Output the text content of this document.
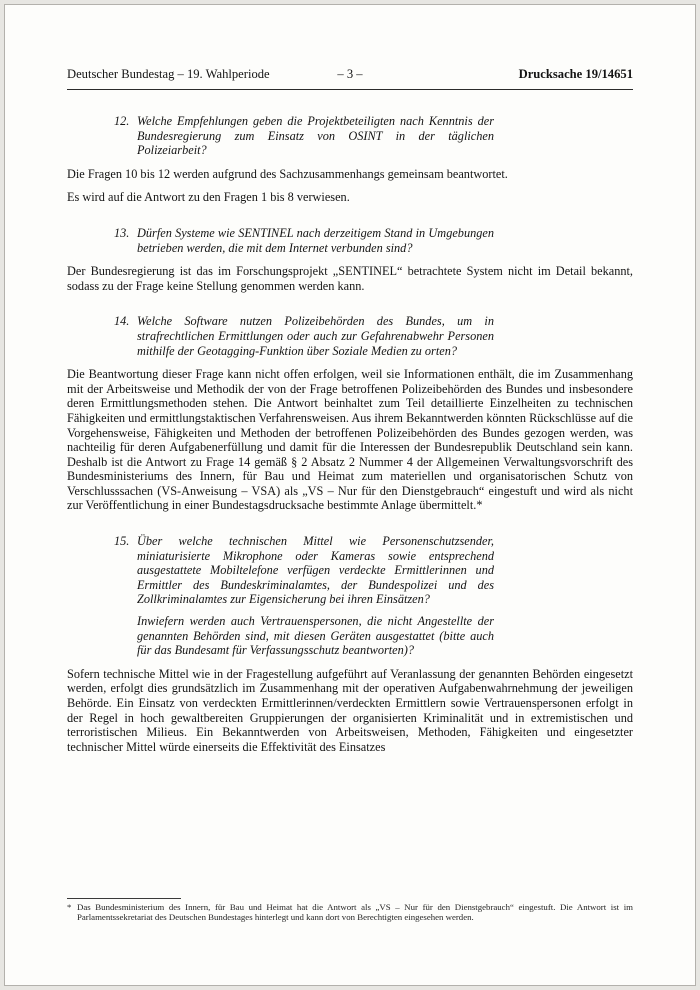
Deutscher Bundestag – 19. Wahlperiode	– 3 –	Drucksache 19/14651
12. Welche Empfehlungen geben die Projektbeteiligten nach Kenntnis der Bundesregierung zum Einsatz von OSINT in der täglichen Polizeiarbeit?

Die Fragen 10 bis 12 werden aufgrund des Sachzusammenhangs gemeinsam beantwortet.

Es wird auf die Antwort zu den Fragen 1 bis 8 verwiesen.

13. Dürfen Systeme wie SENTINEL nach derzeitigem Stand in Umgebungen betrieben werden, die mit dem Internet verbunden sind?

Der Bundesregierung ist das im Forschungsprojekt „SENTINEL“ betrachtete System nicht im Detail bekannt, sodass zu der Frage keine Stellung genommen werden kann.

14. Welche Software nutzen Polizeibehörden des Bundes, um in strafrechtlichen Ermittlungen oder auch zur Gefahrenabwehr Personen mithilfe der Geotagging-Funktion über Soziale Medien zu orten?

Die Beantwortung dieser Frage kann nicht offen erfolgen, weil sie Informationen enthält, die im Zusammenhang mit der Arbeitsweise und Methodik der von der Frage betroffenen Polizeibehörden des Bundes und insbesondere deren Ermittlungsmethoden stehen. Die Antwort beinhaltet zum Teil detaillierte Einzelheiten zu technischen Fähigkeiten und ermittlungstaktischen Verfahrensweisen. Aus ihrem Bekanntwerden könnten Rückschlüsse auf die Vorgehensweise, Fähigkeiten und Methoden der betroffenen Polizeibehörden des Bundes gezogen werden, was nachteilig für deren Aufgabenerfüllung und damit für die Interessen der Bundesrepublik Deutschland sein kann. Deshalb ist die Antwort zu Frage 14 gemäß § 2 Absatz 2 Nummer 4 der Allgemeinen Verwaltungsvorschrift des Bundesministeriums des Innern, für Bau und Heimat zum materiellen und organisatorischen Schutz von Verschlusssachen (VS-Anweisung – VSA) als „VS – Nur für den Dienstgebrauch“ eingestuft und wird als nicht zur Veröffentlichung in einer Bundestagsdrucksache bestimmte Anlage übermittelt.*

15. Über welche technischen Mittel wie Personenschutzsender, miniaturisierte Mikrophone oder Kameras sowie entsprechend ausgestattete Mobiltelefone verfügen verdeckte Ermittlerinnen und Ermittler des Bundeskriminalamtes, der Bundespolizei und des Zollkriminalamtes zur Eigensicherung bei ihren Einsätzen?

Inwiefern werden auch Vertrauenspersonen, die nicht Angestellte der genannten Behörden sind, mit diesen Geräten ausgestattet (bitte auch für das Bundesamt für Verfassungsschutz beantworten)?

Sofern technische Mittel wie in der Fragestellung aufgeführt auf Veranlassung der genannten Behörden eingesetzt werden, erfolgt dies grundsätzlich im Zusammenhang mit der operativen Aufgabenwahrnehmung der jeweiligen Behörde. Ein Einsatz von verdeckten Ermittlerinnen/verdeckten Ermittlern sowie Vertrauenspersonen erfolgt in der Regel in hoch gewaltbereiten Gruppierungen der organisierten Kriminalität und in extremistischen und terroristischen Milieus. Ein Bekanntwerden von Arbeitsweisen, Methoden, Fähigkeiten und eingesetzter technischer Mittel würde einerseits die Effektivität des Einsatzes

* Das Bundesministerium des Innern, für Bau und Heimat hat die Antwort als „VS – Nur für den Dienstgebrauch“ eingestuft. Die Antwort ist im Parlamentssekretariat des Deutschen Bundestages hinterlegt und kann dort von Berechtigten eingesehen werden.
